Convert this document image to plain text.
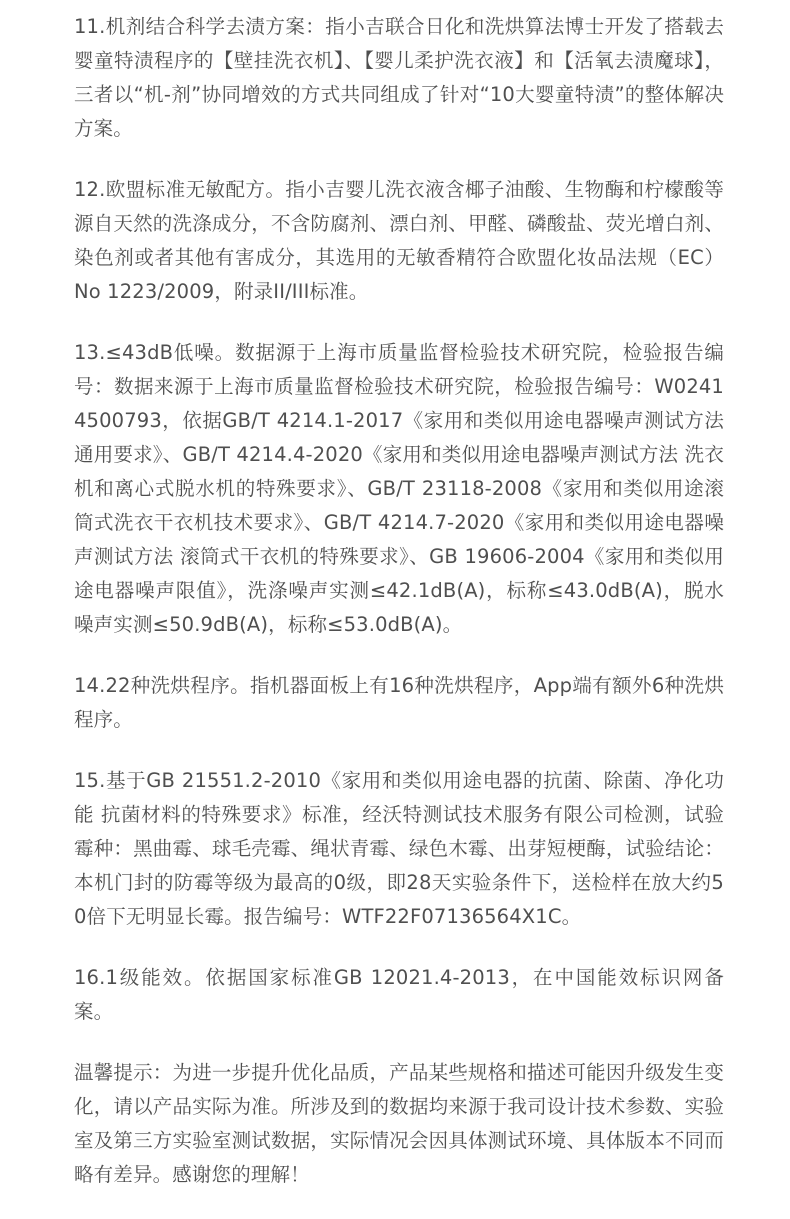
11.机剂结合科学去渍方案：指小吉联合日化和洗烘算法博士开发了搭载去婴童特渍程序的【壁挂洗衣机】、【婴儿柔护洗衣液】和【活氧去渍魔球】，三者以“机-剂”协同增效的方式共同组成了针对“10大婴童特渍”的整体解决方案。

12.欧盟标准无敏配方。指小吉婴儿洗衣液含椰子油酸、生物酶和柠檬酸等源自天然的洗涤成分，不含防腐剂、漂白剂、甲醛、磷酸盐、荧光增白剂、染色剂或者其他有害成分，其选用的无敏香精符合欧盟化妆品法规（EC）No 1223/2009，附录II/III标准。

13.≤43dB低噪。数据源于上海市质量监督检验技术研究院，检验报告编号：数据来源于上海市质量监督检验技术研究院，检验报告编号：W02414500793，依据GB/T 4214.1-2017《家用和类似用途电器噪声测试方法 通用要求》、GB/T 4214.4-2020《家用和类似用途电器噪声测试方法 洗衣机和离心式脱水机的特殊要求》、GB/T 23118-2008《家用和类似用途滚筒式洗衣干衣机技术要求》、GB/T 4214.7-2020《家用和类似用途电器噪声测试方法 滚筒式干衣机的特殊要求》、GB 19606-2004《家用和类似用途电器噪声限值》，洗涤噪声实测≤42.1dB(A)，标称≤43.0dB(A)，脱水噪声实测≤50.9dB(A)，标称≤53.0dB(A)。

14.22种洗烘程序。指机器面板上有16种洗烘程序，App端有额外6种洗烘程序。

15.基于GB 21551.2-2010《家用和类似用途电器的抗菌、除菌、净化功能 抗菌材料的特殊要求》标准，经沃特测试技术服务有限公司检测，试验霉种：黑曲霉、球毛壳霉、绳状青霉、绿色木霉、出芽短梗酶，试验结论：本机门封的防霉等级为最高的0级，即28天实验条件下，送检样在放大约50倍下无明显长霉。报告编号：WTF22F07136564X1C。

16.1级能效。依据国家标准GB 12021.4-2013，在中国能效标识网备案。

温馨提示：为进一步提升优化品质，产品某些规格和描述可能因升级发生变化，请以产品实际为准。所涉及到的数据均来源于我司设计技术参数、实验室及第三方实验室测试数据，实际情况会因具体测试环境、具体版本不同而略有差异。感谢您的理解！
